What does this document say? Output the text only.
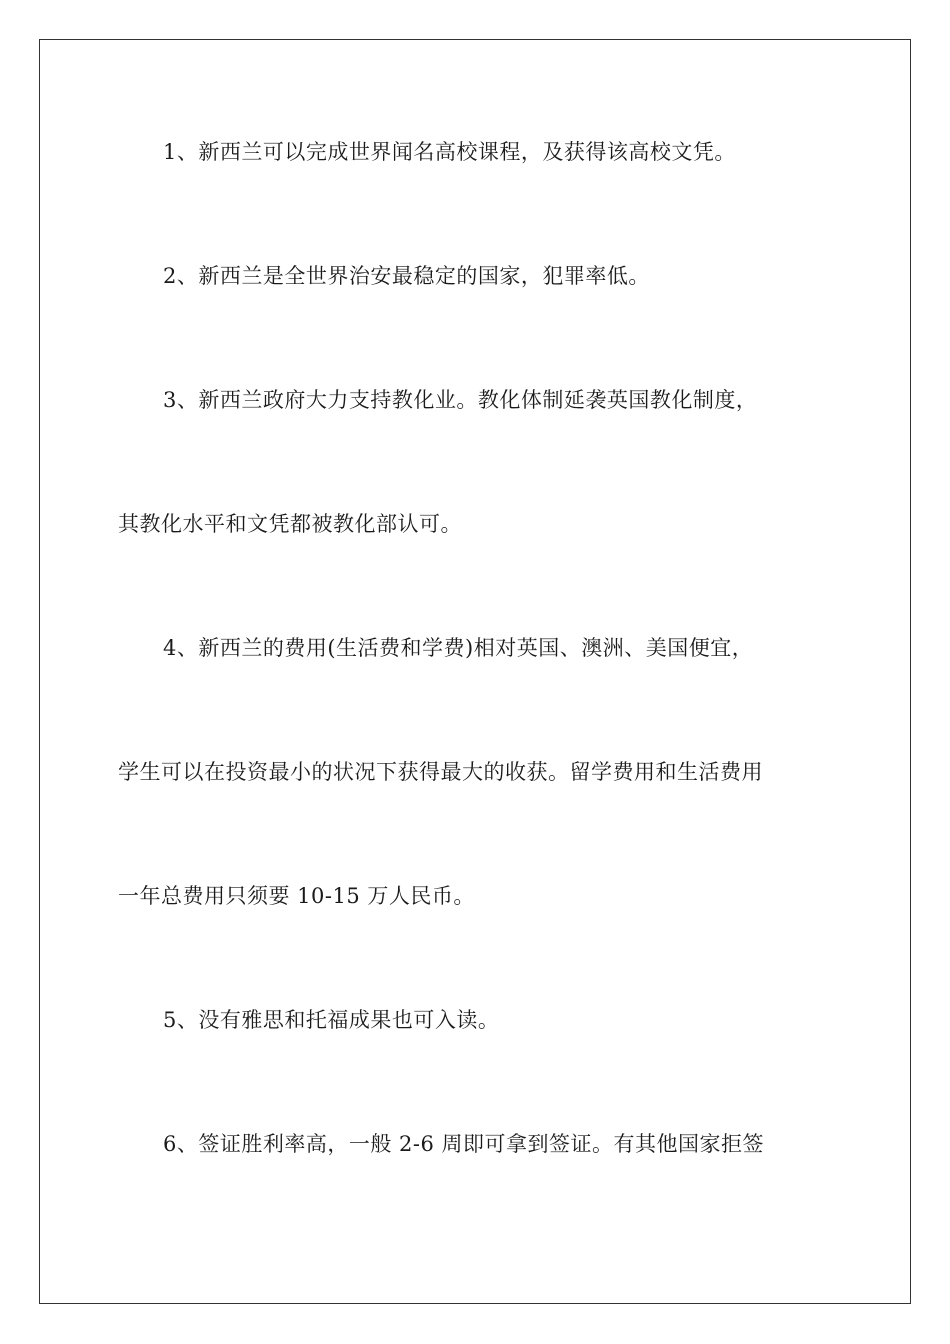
1、新西兰可以完成世界闻名高校课程，及获得该高校文凭。
2、新西兰是全世界治安最稳定的国家，犯罪率低。
3、新西兰政府大力支持教化业。教化体制延袭英国教化制度，
其教化水平和文凭都被教化部认可。
4、新西兰的费用(生活费和学费)相对英国、澳洲、美国便宜，
学生可以在投资最小的状况下获得最大的收获。留学费用和生活费用
一年总费用只须要 10-15 万人民币。
5、没有雅思和托福成果也可入读。
6、签证胜利率高，一般 2-6 周即可拿到签证。有其他国家拒签
